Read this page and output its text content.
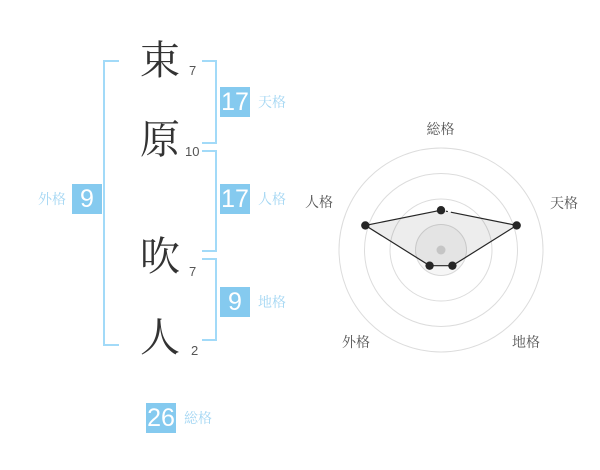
束
原
吹
人
7
10
7
2
外格 9
17 天格
17 人格
9	地格
26 総格
総格
天格
地格
外格
人格
